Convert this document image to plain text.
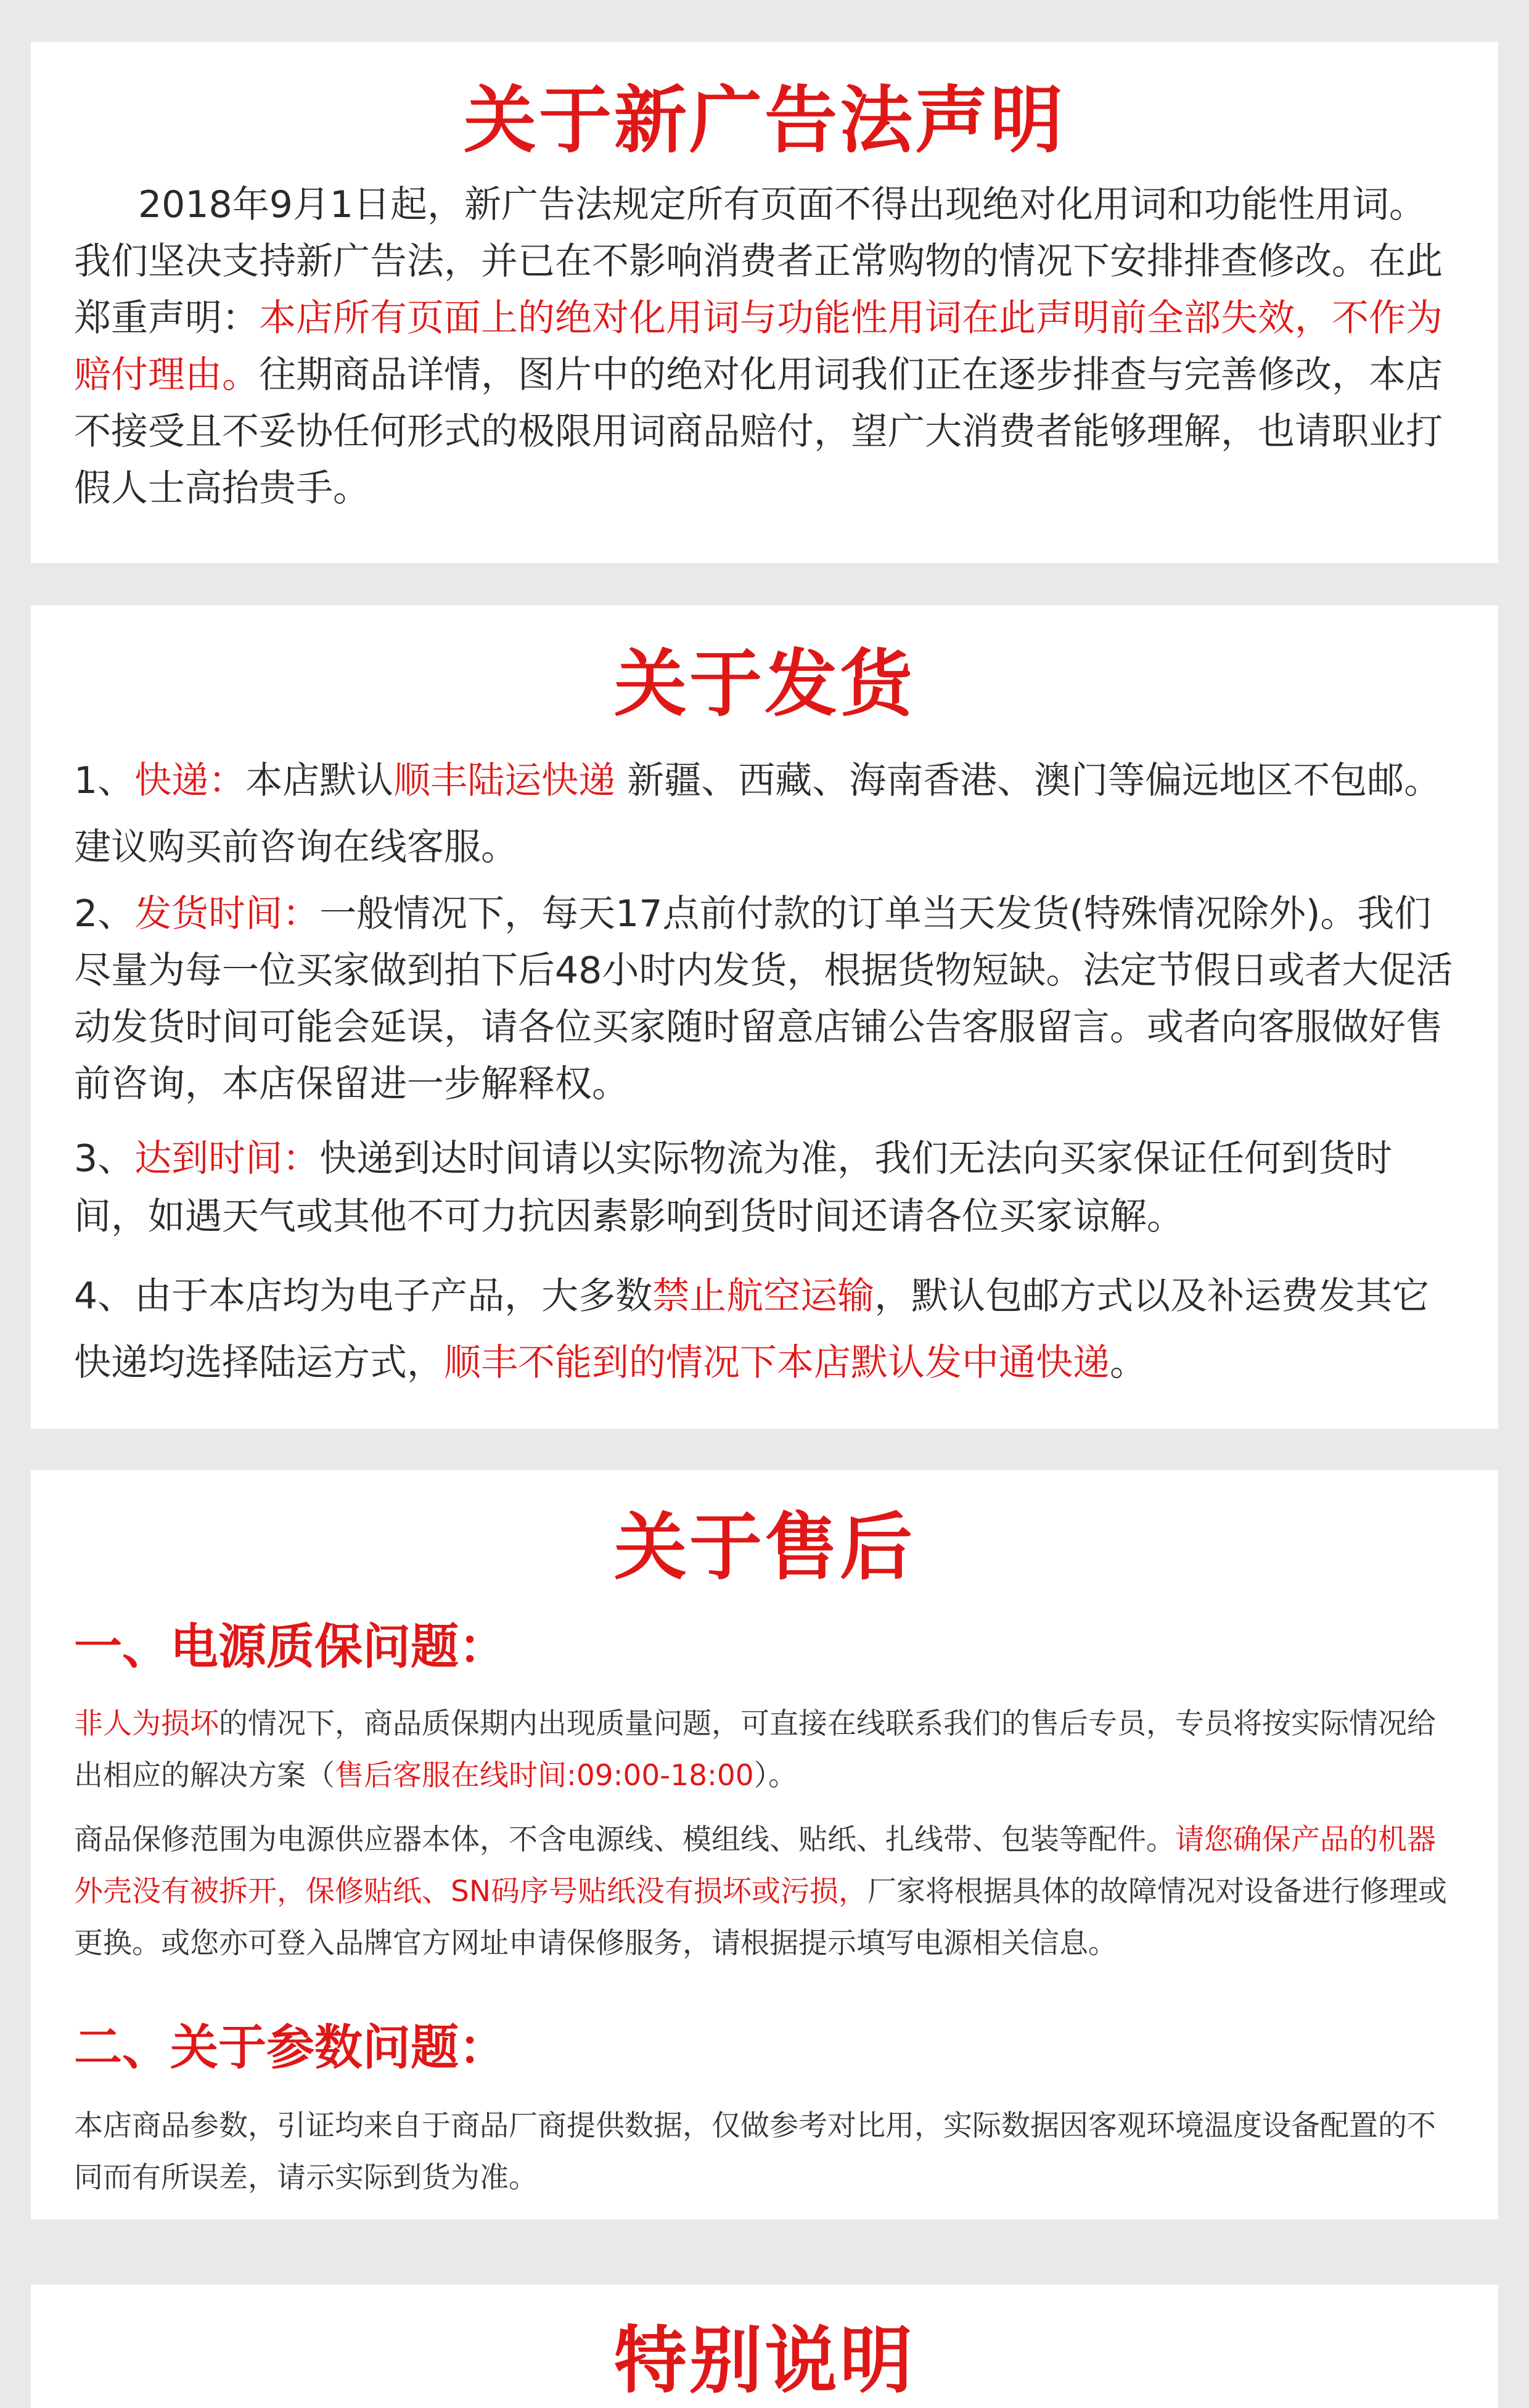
关于新广告法声明

2018年9月1日起，新广告法规定所有页面不得出现绝对化用词和功能性用词。我们坚决支持新广告法，并已在不影响消费者正常购物的情况下安排排查修改。在此郑重声明：本店所有页面上的绝对化用词与功能性用词在此声明前全部失效，不作为赔付理由。往期商品详情，图片中的绝对化用词我们正在逐步排查与完善修改，本店不接受且不妥协任何形式的极限用词商品赔付，望广大消费者能够理解，也请职业打假人士高抬贵手。

关于发货

1、快递：本店默认顺丰陆运快递 新疆、西藏、海南香港、澳门等偏远地区不包邮。建议购买前咨询在线客服。

2、发货时间：一般情况下，每天17点前付款的订单当天发货(特殊情况除外)。我们尽量为每一位买家做到拍下后48小时内发货，根据货物短缺。法定节假日或者大促活动发货时间可能会延误，请各位买家随时留意店铺公告客服留言。或者向客服做好售前咨询，本店保留进一步解释权。

3、达到时间：快递到达时间请以实际物流为准，我们无法向买家保证任何到货时间，如遇天气或其他不可力抗因素影响到货时间还请各位买家谅解。

4、由于本店均为电子产品，大多数禁止航空运输，默认包邮方式以及补运费发其它快递均选择陆运方式，顺丰不能到的情况下本店默认发中通快递。

关于售后
一、电源质保问题：

非人为损坏的情况下，商品质保期内出现质量问题，可直接在线联系我们的售后专员，专员将按实际情况给出相应的解决方案（售后客服在线时间:09:00-18:00）。

商品保修范围为电源供应器本体，不含电源线、模组线、贴纸、扎线带、包装等配件。请您确保产品的机器外壳没有被拆开，保修贴纸、SN码序号贴纸没有损坏或污损，厂家将根据具体的故障情况对设备进行修理或更换。或您亦可登入品牌官方网址申请保修服务，请根据提示填写电源相关信息。

二、关于参数问题：

本店商品参数，引证均来自于商品厂商提供数据，仅做参考对比用，实际数据因客观环境温度设备配置的不同而有所误差，请示实际到货为准。

特别说明
